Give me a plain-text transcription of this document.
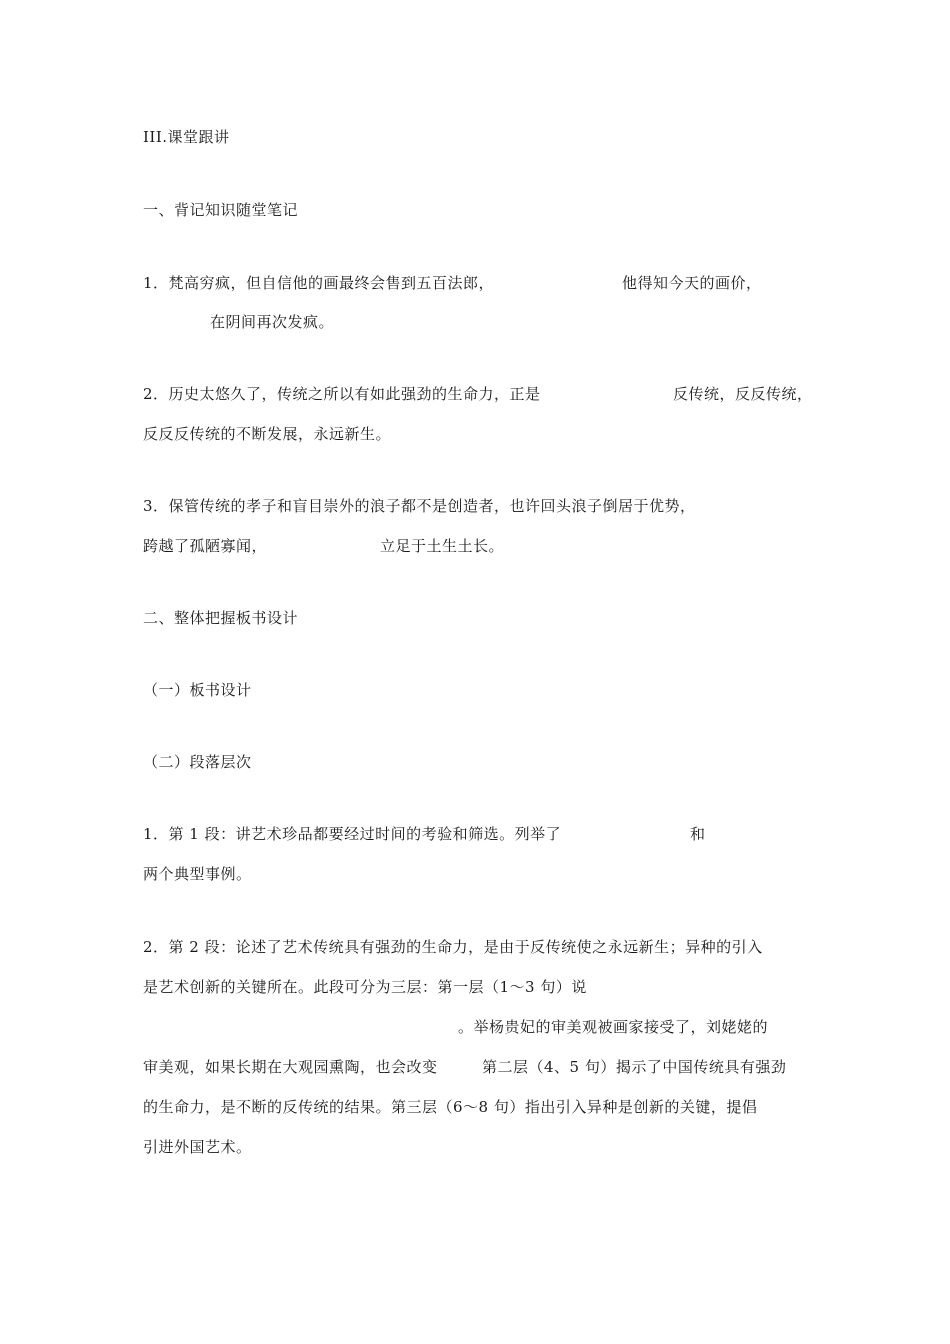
III.课堂跟讲
一、背记知识随堂笔记
1．梵高穷疯，但自信他的画最终会售到五百法郎，	他得知今天的画价，
在阴间再次发疯。
2．历史太悠久了，传统之所以有如此强劲的生命力，正是	反传统，反反传统，
反反反传统的不断发展，永远新生。
3．保管传统的孝子和盲目崇外的浪子都不是创造者，也许回头浪子倒居于优势，
跨越了孤陋寡闻，	立足于土生土长。
二、整体把握板书设计
（一）板书设计
（二）段落层次
1．第 1 段：讲艺术珍品都要经过时间的考验和筛选。列举了	和
两个典型事例。
2．第 2 段：论述了艺术传统具有强劲的生命力，是由于反传统使之永远新生；异种的引入
是艺术创新的关键所在。此段可分为三层：第一层（1～3 句）说
。举杨贵妃的审美观被画家接受了，刘姥姥的
审美观，如果长期在大观园熏陶，也会改变	第二层（4、5 句）揭示了中国传统具有强劲
的生命力，是不断的反传统的结果。第三层（6～8 句）指出引入异种是创新的关键，提倡
引进外国艺术。
